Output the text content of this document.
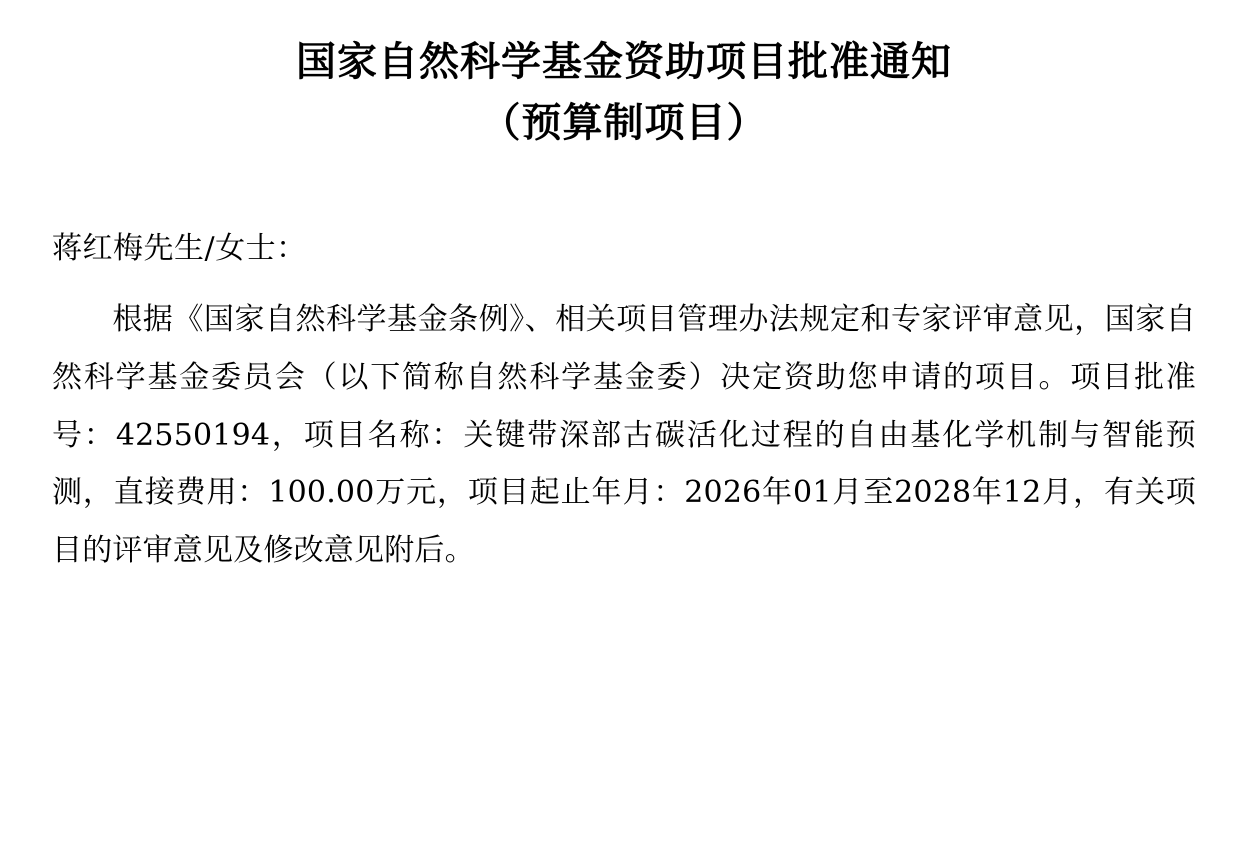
国家自然科学基金资助项目批准通知
（预算制项目）
蒋红梅先生/女士：
根据《国家自然科学基金条例》、相关项目管理办法规定和专家评审意见，国家自然科学基金委员会（以下简称自然科学基金委）决定资助您申请的项目。项目批准号：42550194，项目名称：关键带深部古碳活化过程的自由基化学机制与智能预测，直接费用：100.00万元，项目起止年月：2026年01月至2028年12月，有关项目的评审意见及修改意见附后。
